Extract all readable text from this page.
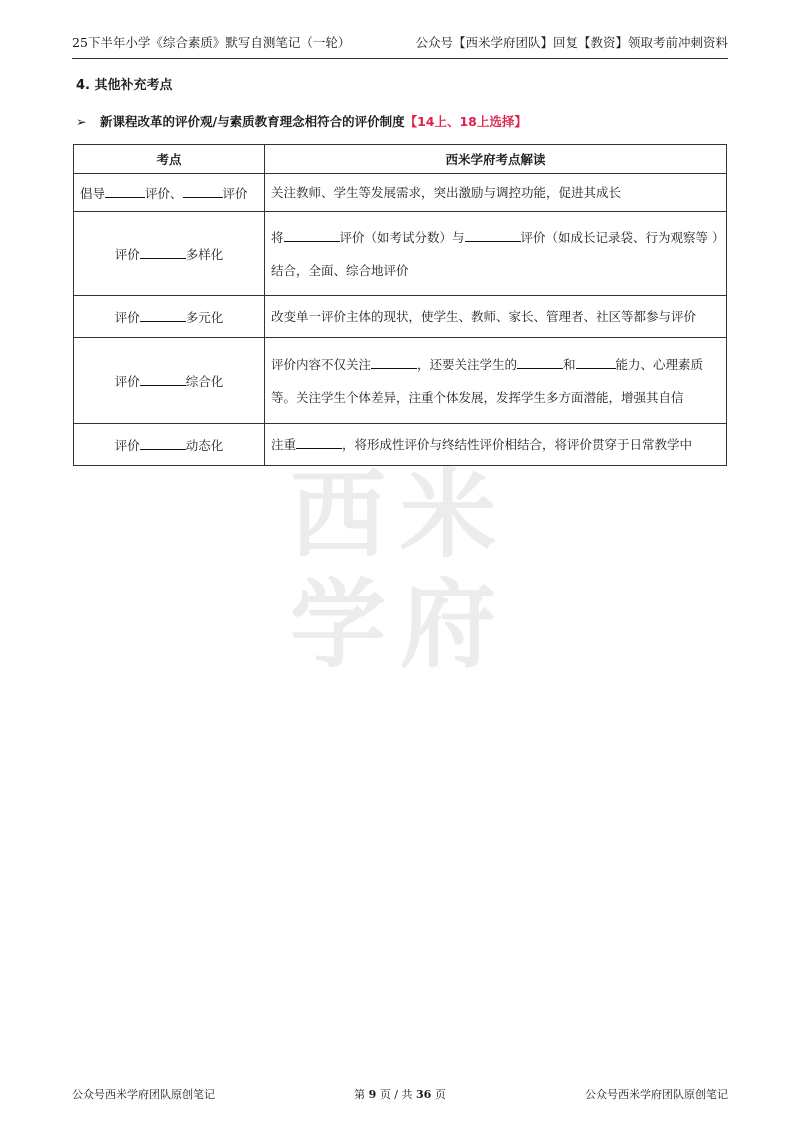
25下半年小学《综合素质》默写自测笔记（一轮）	公众号【西米学府团队】回复【教资】领取考前冲刺资料
西米
学府
4. 其他补充考点
➢ 新课程改革的评价观/与素质教育理念相符合的评价制度【14上、18上选择】
考点	西米学府考点解读
倡导 评价、 评价	关注教师、学生等发展需求，突出激励与调控功能，促进其成长
评价 多样化	将 评价（如考试分数）与 评价（如成长记录袋、行为观察等 ）结合，全面、综合地评价
评价 多元化	改变单一评价主体的现状，使学生、教师、家长、管理者、社区等都参与评价
评价 综合化	评价内容不仅关注 ，还要关注学生的 和 能力、心理素质等。关注学生个体差异，注重个体发展，发挥学生多方面潜能，增强其自信
评价 动态化	注重 ，将形成性评价与终结性评价相结合，将评价贯穿于日常教学中
公众号西米学府团队原创笔记	第 9 页 / 共 36 页	公众号西米学府团队原创笔记
